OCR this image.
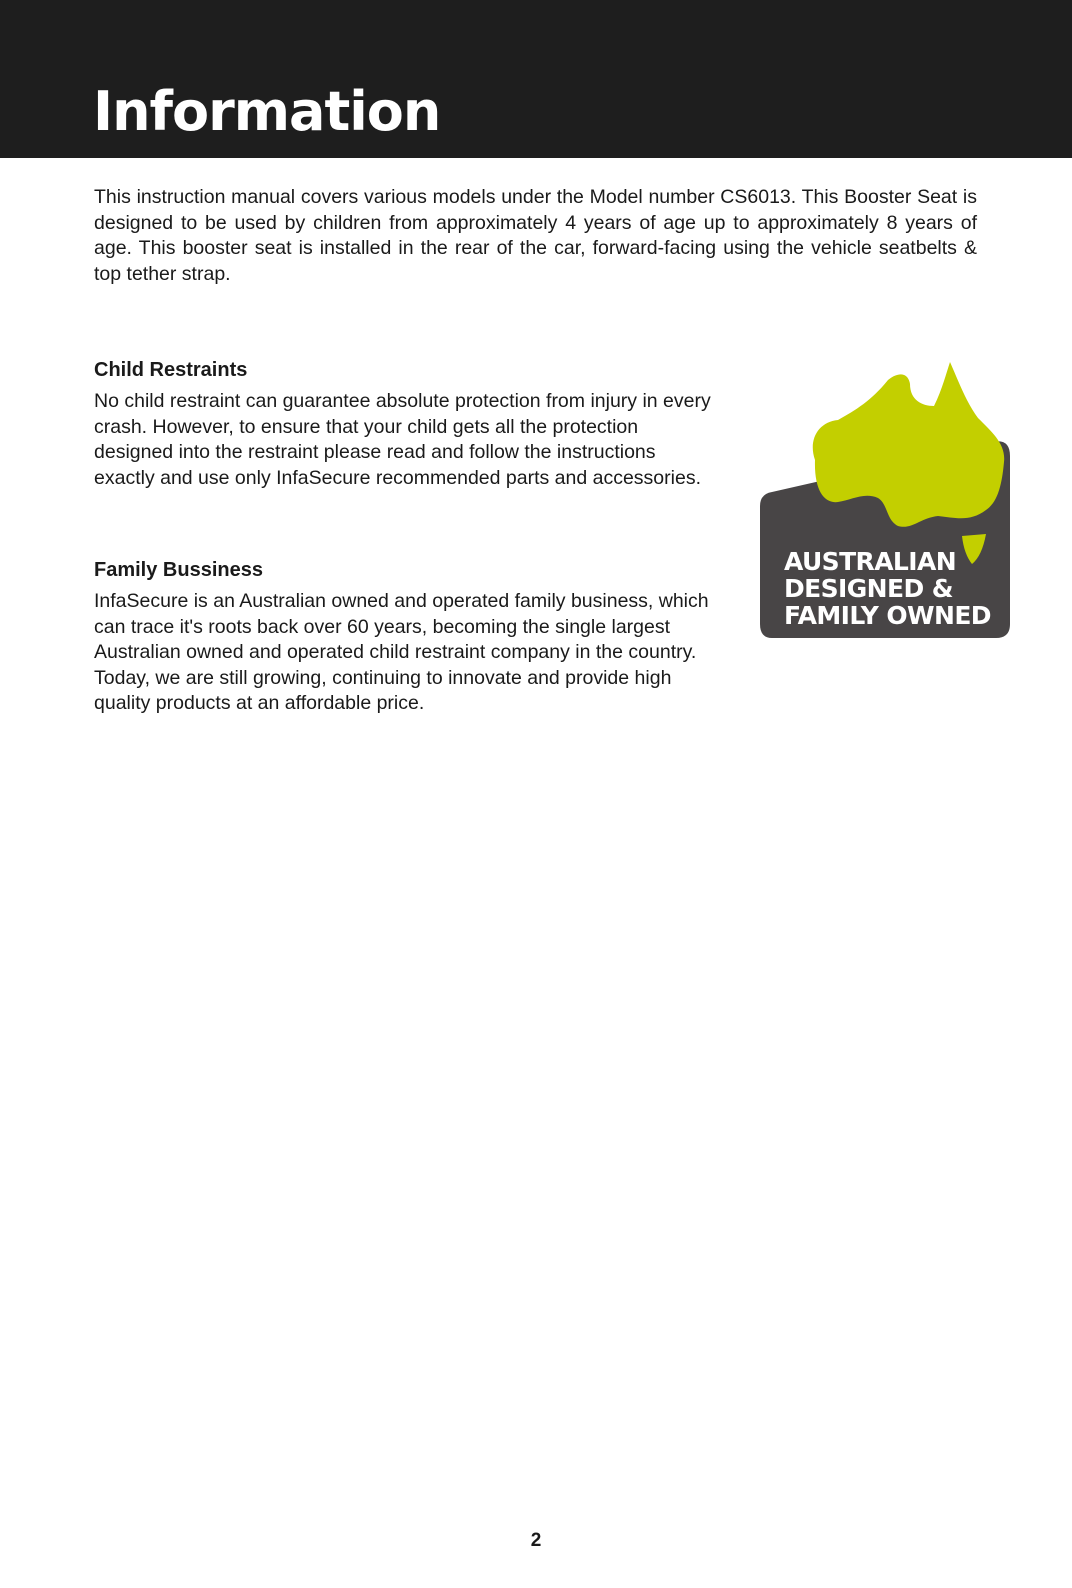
Information

This instruction manual covers various models under the Model number CS6013. This Booster Seat is designed to be used by children from approximately 4 years of age up to approximately 8 years of age. This booster seat is installed in the rear of the car, forward-facing using the vehicle seatbelts & top tether strap.

Child Restraints

No child restraint can guarantee absolute protection from injury in every crash. However, to ensure that your child gets all the protection designed into the restraint please read and follow the instructions exactly and use only InfaSecure recommended parts and accessories.

Family Bussiness

InfaSecure is an Australian owned and operated family business, which can trace it's roots back over 60 years, becoming the single largest Australian owned and operated child restraint company in the country. Today, we are still growing, continuing to innovate and provide high quality products at an affordable price.

AUSTRALIAN
DESIGNED &
FAMILY OWNED

2
